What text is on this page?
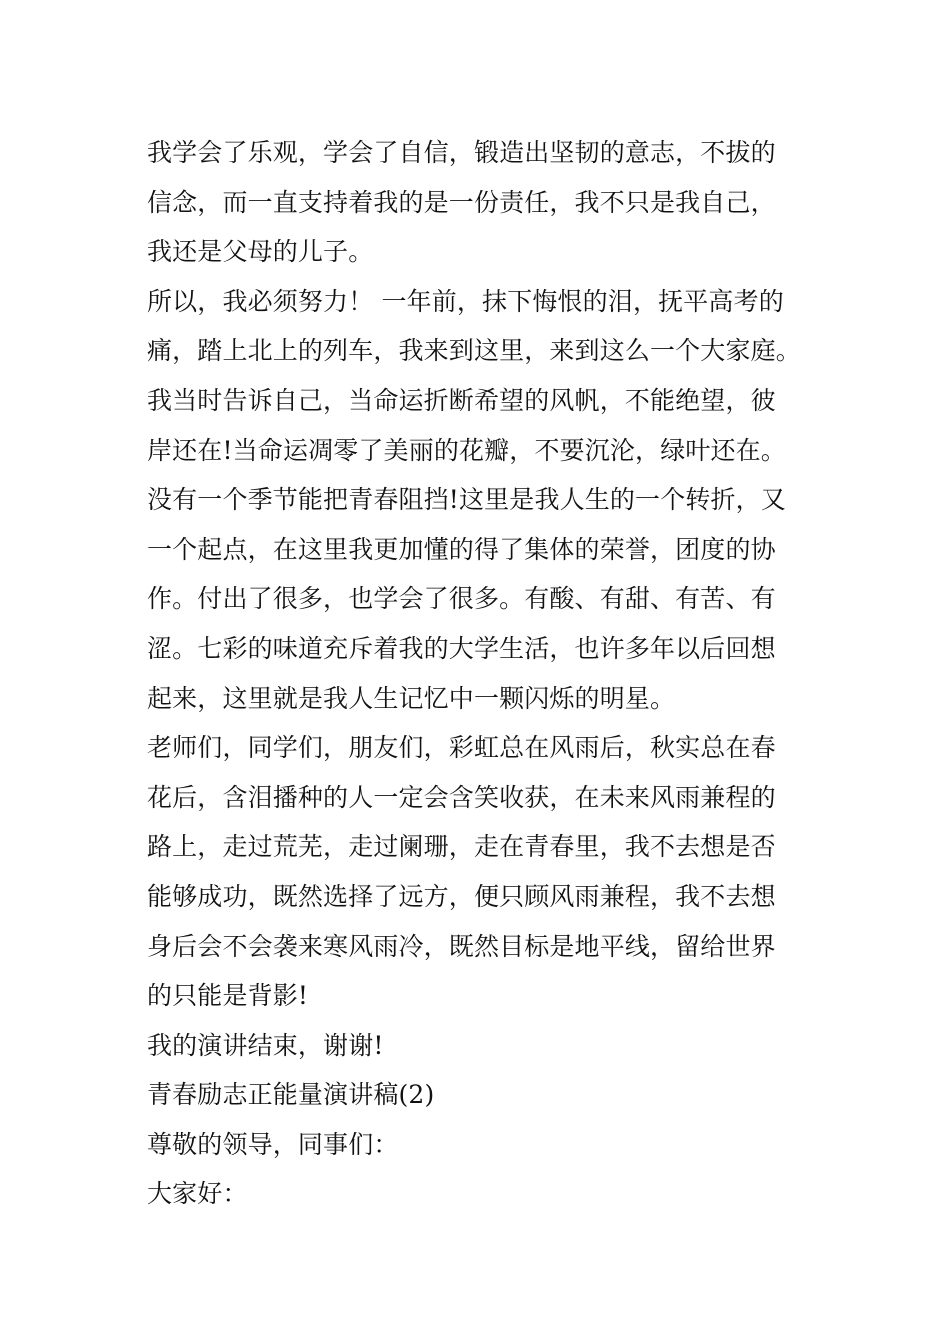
我学会了乐观，学会了自信，锻造出坚韧的意志，不拔的
信念，而一直支持着我的是一份责任，我不只是我自己，
我还是父母的儿子。
所以，我必须努力！ 一年前，抹下悔恨的泪，抚平高考的
痛，踏上北上的列车，我来到这里，来到这么一个大家庭。
我当时告诉自己，当命运折断希望的风帆，不能绝望，彼
岸还在!当命运凋零了美丽的花瓣，不要沉沦，绿叶还在。
没有一个季节能把青春阻挡!这里是我人生的一个转折，又
一个起点，在这里我更加懂的得了集体的荣誉，团度的协
作。付出了很多，也学会了很多。有酸、有甜、有苦、有
涩。七彩的味道充斥着我的大学生活，也许多年以后回想
起来，这里就是我人生记忆中一颗闪烁的明星。
老师们，同学们，朋友们，彩虹总在风雨后，秋实总在春
花后，含泪播种的人一定会含笑收获，在未来风雨兼程的
路上，走过荒芜，走过阑珊，走在青春里，我不去想是否
能够成功，既然选择了远方，便只顾风雨兼程，我不去想
身后会不会袭来寒风雨冷，既然目标是地平线，留给世界
的只能是背影!
我的演讲结束，谢谢!
青春励志正能量演讲稿(2)
尊敬的领导，同事们：
大家好：
